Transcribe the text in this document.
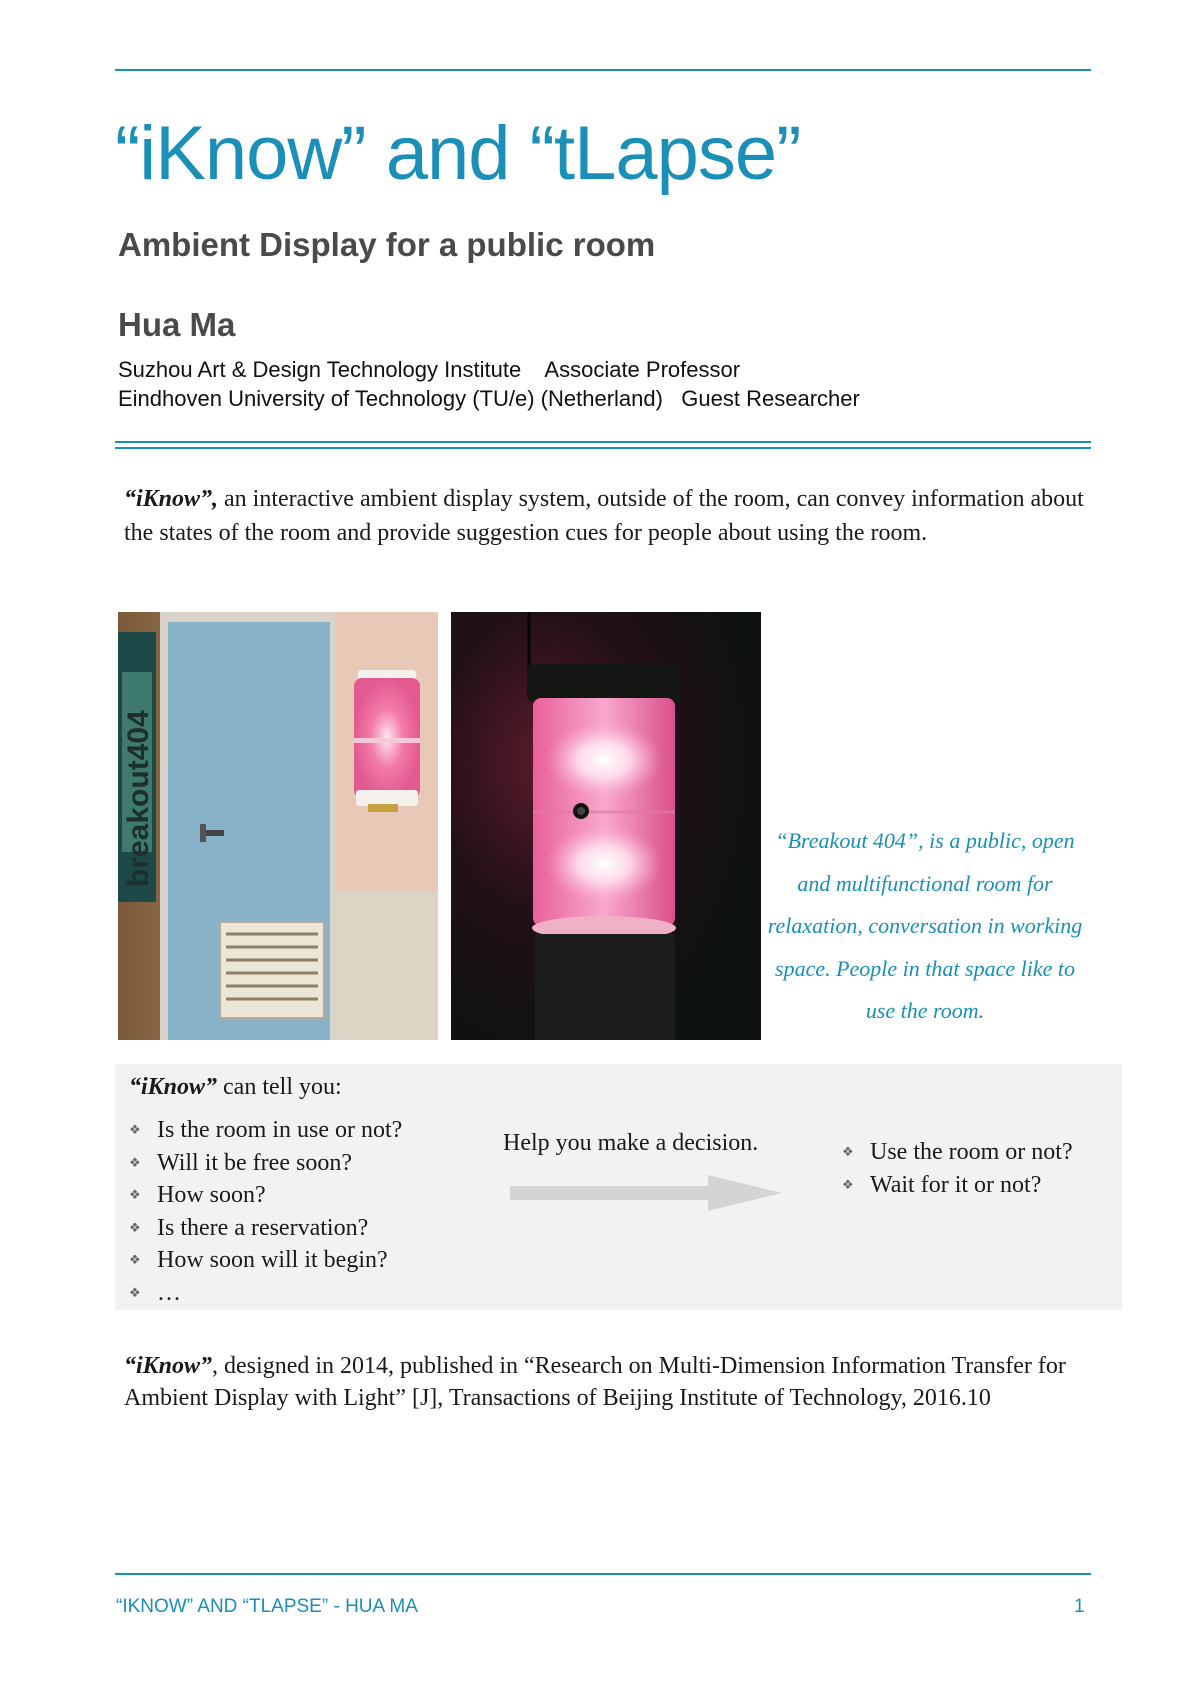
“iKnow” and “tLapse”
Ambient Display for a public room
Hua Ma
Suzhou Art & Design Technology Institute    Associate Professor
Eindhoven University of Technology (TU/e) (Netherland)   Guest Researcher

“iKnow”, an interactive ambient display system, outside of the room, can convey information about the states of the room and provide suggestion cues for people about using the room.

breakout404	“Breakout 404”, is a public, open and multifunctional room for relaxation, conversation in working space. People in that space like to use the room.

“iKnow” can tell you:

❖ Is the room in use or not?
❖ Will it be free soon?
❖ How soon?
❖ Is there a reservation?
❖ How soon will it begin?
❖ …

Help you make a decision.	❖ Use the room or not?
❖ Wait for it or not?

“iKnow”, designed in 2014, published in “Research on Multi-Dimension Information Transfer for Ambient Display with Light” [J], Transactions of Beijing Institute of Technology, 2016.10

“IKNOW” AND “TLAPSE” - HUA MA	1
